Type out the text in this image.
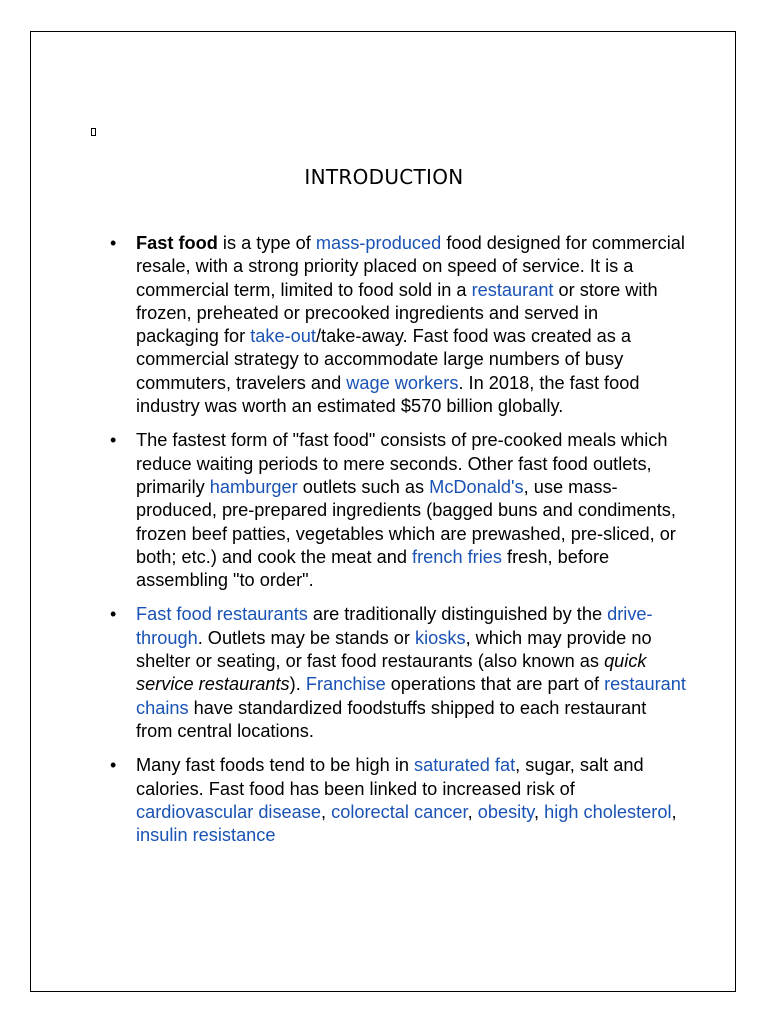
INTRODUCTION
• Fast food is a type of mass-produced food designed for commercial resale, with a strong priority placed on speed of service. It is a commercial term, limited to food sold in a restaurant or store with frozen, preheated or precooked ingredients and served in packaging for take-out/take-away. Fast food was created as a commercial strategy to accommodate large numbers of busy commuters, travelers and wage workers. In 2018, the fast food industry was worth an estimated $570 billion globally.
• The fastest form of "fast food" consists of pre-cooked meals which reduce waiting periods to mere seconds. Other fast food outlets, primarily hamburger outlets such as McDonald's, use mass-produced, pre-prepared ingredients (bagged buns and condiments, frozen beef patties, vegetables which are prewashed, pre-sliced, or both; etc.) and cook the meat and french fries fresh, before assembling "to order".
• Fast food restaurants are traditionally distinguished by the drive-through. Outlets may be stands or kiosks, which may provide no shelter or seating, or fast food restaurants (also known as quick service restaurants). Franchise operations that are part of restaurant chains have standardized foodstuffs shipped to each restaurant from central locations.
• Many fast foods tend to be high in saturated fat, sugar, salt and calories. Fast food has been linked to increased risk of cardiovascular disease, colorectal cancer, obesity, high cholesterol, insulin resistance
